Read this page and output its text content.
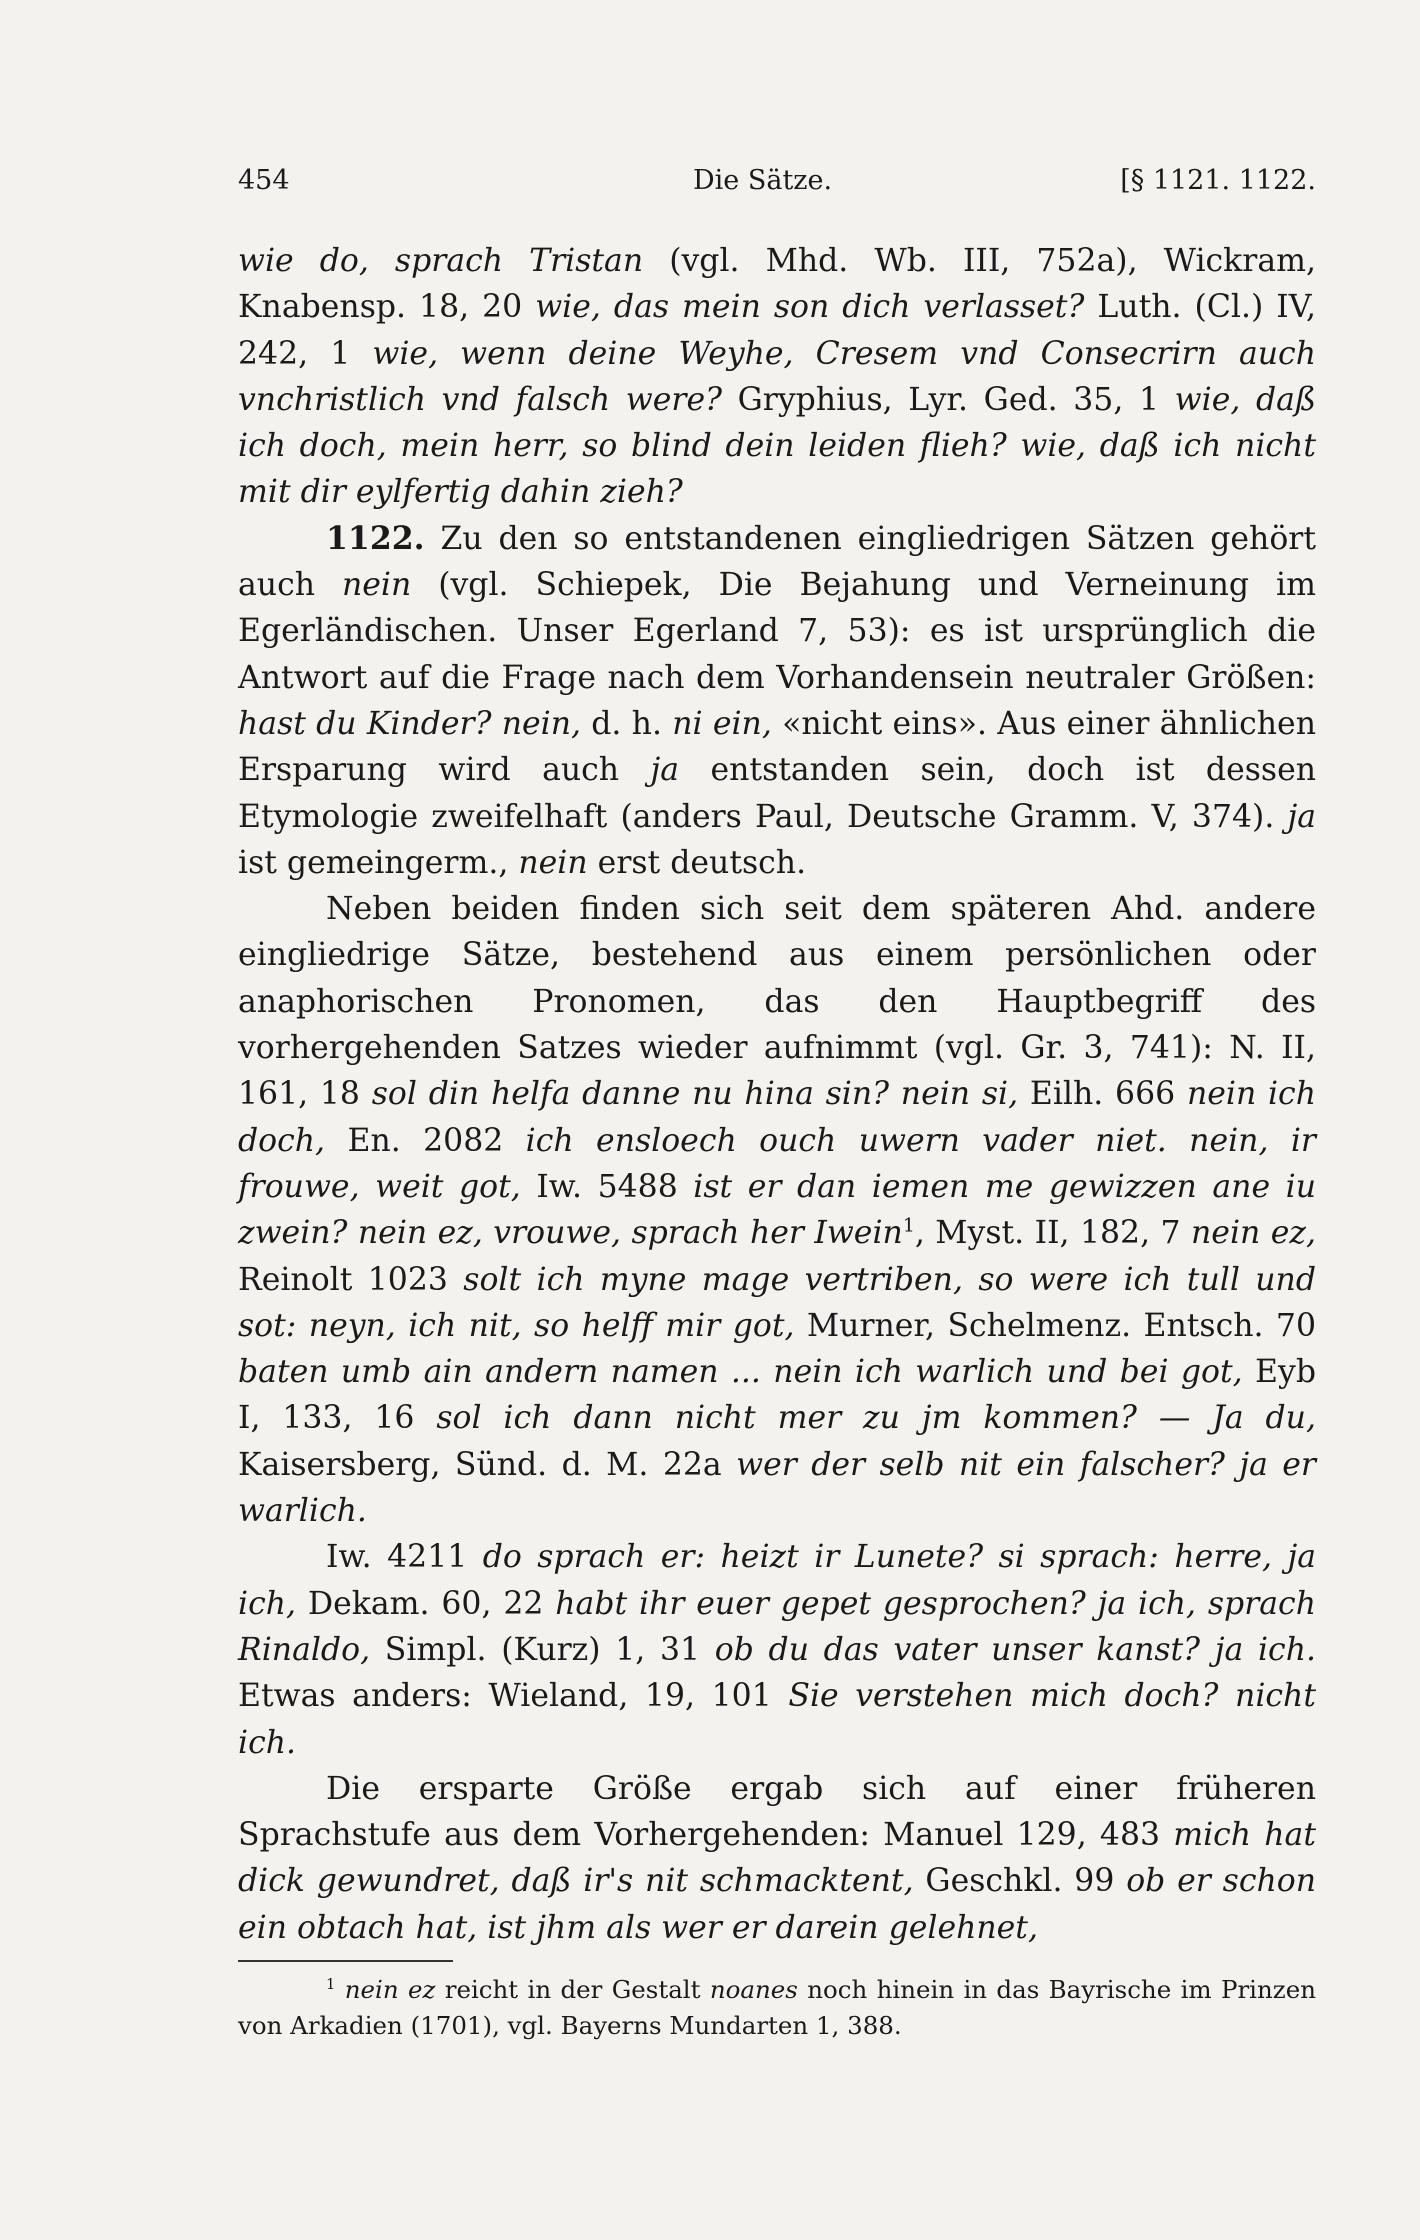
454	Die Sätze.	[§ 1121. 1122.

wie do, sprach Tristan (vgl. Mhd. Wb. III, 752a), Wickram, Knabensp. 18, 20 wie, das mein son dich verlasset? Luth. (Cl.) IV, 242, 1 wie, wenn deine Weyhe, Cresem vnd Consecrirn auch vnchristlich vnd falsch were? Gryphius, Lyr. Ged. 35, 1 wie, daß ich doch, mein herr, so blind dein leiden flieh? wie, daß ich nicht mit dir eylfertig dahin zieh?

1122. Zu den so entstandenen eingliedrigen Sätzen gehört auch nein (vgl. Schiepek, Die Bejahung und Verneinung im Egerländischen. Unser Egerland 7, 53): es ist ursprünglich die Antwort auf die Frage nach dem Vorhandensein neutraler Größen: hast du Kinder? nein, d. h. ni ein, «nicht eins». Aus einer ähnlichen Ersparung wird auch ja entstanden sein, doch ist dessen Etymologie zweifelhaft (anders Paul, Deutsche Gramm. V, 374). ja ist gemeingerm., nein erst deutsch.

Neben beiden finden sich seit dem späteren Ahd. andere eingliedrige Sätze, bestehend aus einem persönlichen oder anaphorischen Pronomen, das den Hauptbegriff des vorhergehenden Satzes wieder aufnimmt (vgl. Gr. 3, 741): N. II, 161, 18 sol din helfa danne nu hina sin? nein si, Eilh. 666 nein ich doch, En. 2082 ich ensloech ouch uwern vader niet. nein, ir frouwe, weit got, Iw. 5488 ist er dan iemen me gewizzen ane iu zwein? nein ez, vrouwe, sprach her Iwein$^1$, Myst. II, 182, 7 nein ez, Reinolt 1023 solt ich myne mage vertriben, so were ich tull und sot: neyn, ich nit, so helff mir got, Murner, Schelmenz. Entsch. 70 baten umb ain andern namen ... nein ich warlich und bei got, Eyb I, 133, 16 sol ich dann nicht mer zu jm kommen? — Ja du, Kaisersberg, Sünd. d. M. 22a wer der selb nit ein falscher? ja er warlich.

Iw. 4211 do sprach er: heizt ir Lunete? si sprach: herre, ja ich, Dekam. 60, 22 habt ihr euer gepet gesprochen? ja ich, sprach Rinaldo, Simpl. (Kurz) 1, 31 ob du das vater unser kanst? ja ich. Etwas anders: Wieland, 19, 101 Sie verstehen mich doch? nicht ich.

Die ersparte Größe ergab sich auf einer früheren Sprachstufe aus dem Vorhergehenden: Manuel 129, 483 mich hat dick gewundret, daß ir's nit schmacktent, Geschkl. 99 ob er schon ein obtach hat, ist jhm als wer er darein gelehnet,

$^1$ nein ez reicht in der Gestalt noanes noch hinein in das Bayrische im Prinzen von Arkadien (1701), vgl. Bayerns Mundarten 1, 388.
